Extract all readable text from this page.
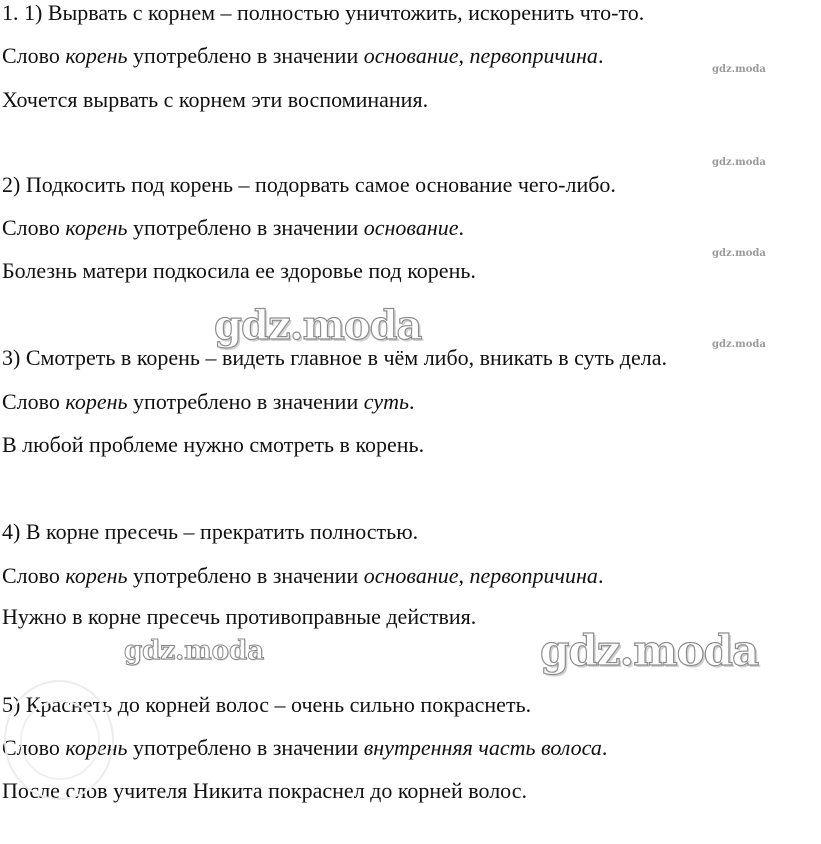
1. 1) Вырвать с корнем – полностью уничтожить, искоренить что-то.
Слово корень употреблено в значении основание, первопричина.
Хочется вырвать с корнем эти воспоминания.
2) Подкосить под корень – подорвать самое основание чего-либо.
Слово корень употреблено в значении основание.
Болезнь матери подкосила ее здоровье под корень.
3) Смотреть в корень – видеть главное в чём либо, вникать в суть дела.
Слово корень употреблено в значении суть.
В любой проблеме нужно смотреть в корень.
4) В корне пресечь – прекратить полностью.
Слово корень употреблено в значении основание, первопричина.
Нужно в корне пресечь противоправные действия.
5) Краснеть до корней волос – очень сильно покраснеть.
Слово корень употреблено в значении внутренняя часть волоса.
После слов учителя Никита покраснел до корней волос.
gdz.moda
gdz.moda
gdz.moda
gdz.moda
gdz.moda
gdz.moda	gdz.moda
